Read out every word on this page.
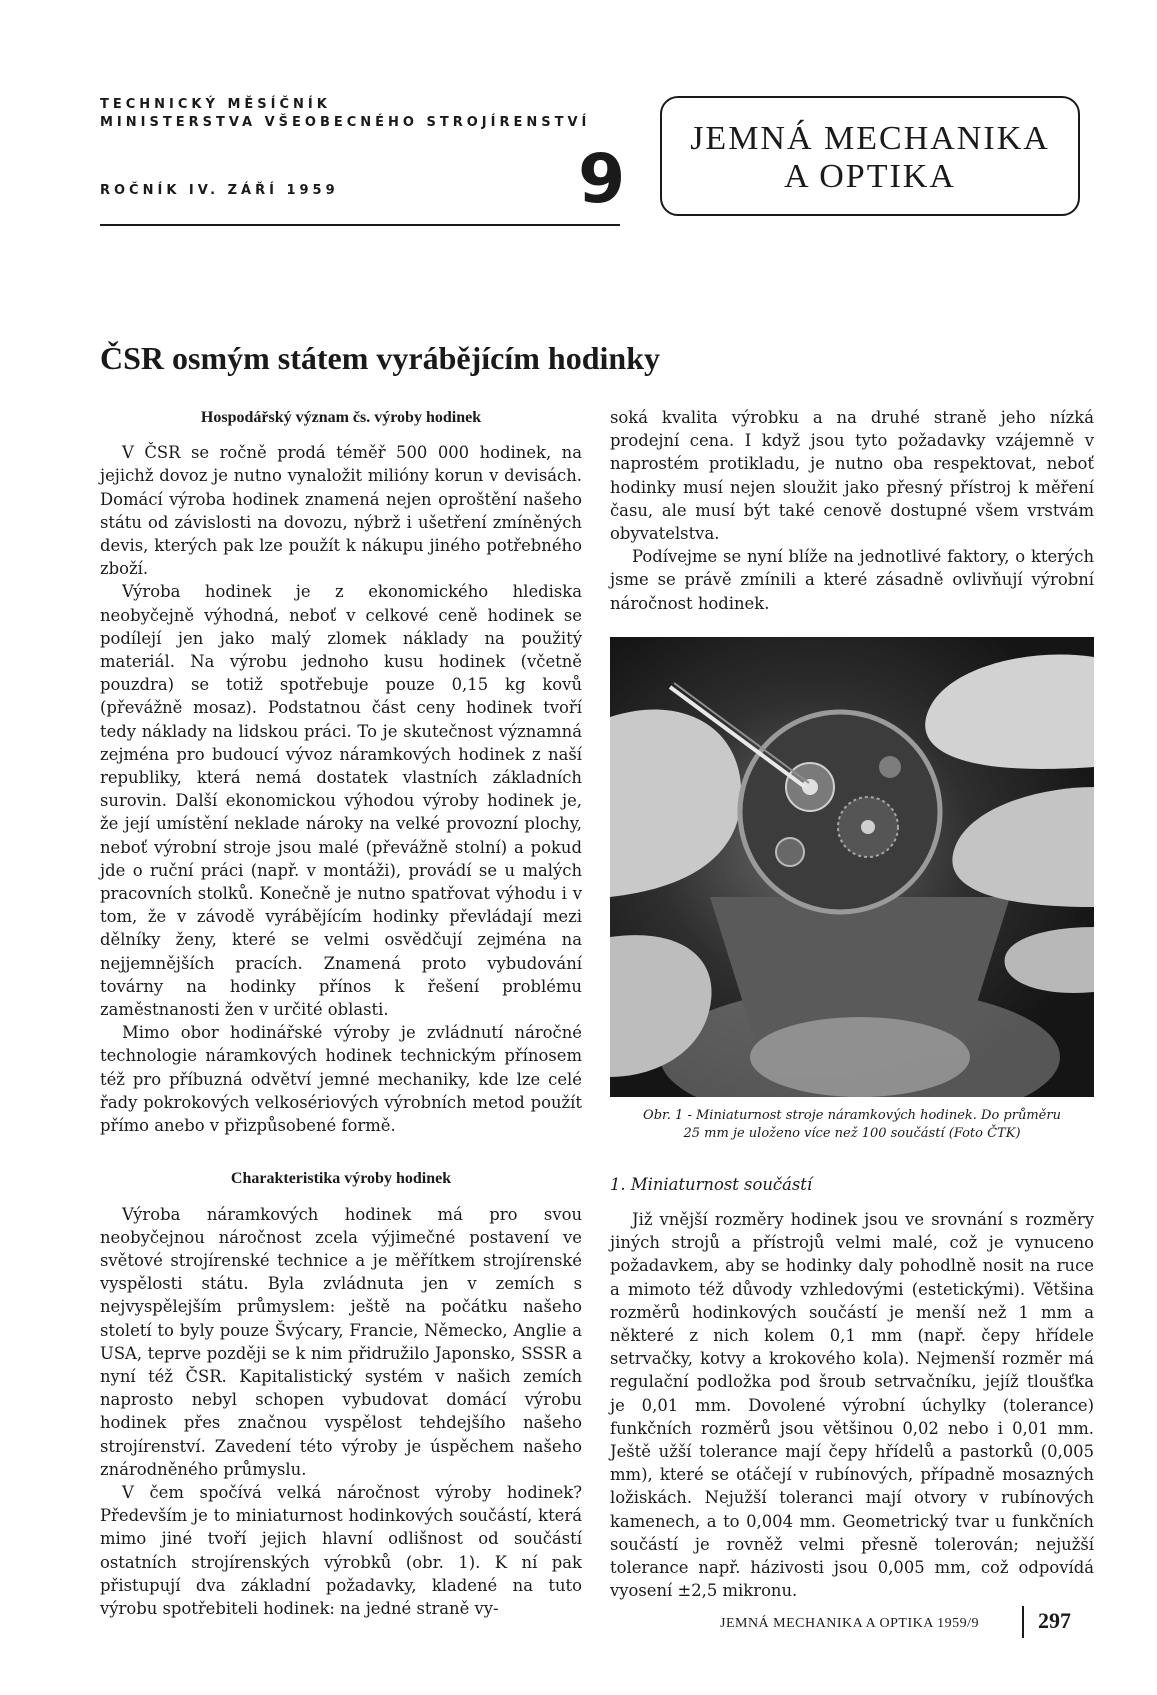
TECHNICKÝ MĚSÍČNÍK
MINISTERSTVA VŠEOBECNÉHO STROJÍRENSTVÍ
ROČNÍK IV. ZÁŘÍ 1959	9
JEMNÁ MECHANIKA
A OPTIKA
ČSR osmým státem vyrábějícím hodinky
Hospodářský význam čs. výroby hodinek

V ČSR se ročně prodá téměř 500 000 hodinek, na jejichž dovoz je nutno vynaložit milióny korun v devisách. Domácí výroba hodinek znamená nejen oproštění našeho státu od závislosti na dovozu, nýbrž i ušetření zmíněných devis, kterých pak lze použít k nákupu jiného potřebného zboží.

Výroba hodinek je z ekonomického hlediska neobyčejně výhodná, neboť v celkové ceně hodinek se podílejí jen jako malý zlomek náklady na použitý materiál. Na výrobu jednoho kusu hodinek (včetně pouzdra) se totiž spotřebuje pouze 0,15 kg kovů (převážně mosaz). Podstatnou část ceny hodinek tvoří tedy náklady na lidskou práci. To je skutečnost významná zejména pro budoucí vývoz náramkových hodinek z naší republiky, která nemá dostatek vlastních základních surovin. Další ekonomickou výhodou výroby hodinek je, že její umístění neklade nároky na velké provozní plochy, neboť výrobní stroje jsou malé (převážně stolní) a pokud jde o ruční práci (např. v montáži), provádí se u malých pracovních stolků. Konečně je nutno spatřovat výhodu i v tom, že v závodě vyrábějícím hodinky převládají mezi dělníky ženy, které se velmi osvědčují zejména na nejjemnějších pracích. Znamená proto vybudování továrny na hodinky přínos k řešení problému zaměstnanosti žen v určité oblasti.

Mimo obor hodinářské výroby je zvládnutí náročné technologie náramkových hodinek technickým přínosem též pro příbuzná odvětví jemné mechaniky, kde lze celé řady pokrokových velkosériových výrobních metod použít přímo anebo v přizpůsobené formě.

Charakteristika výroby hodinek

Výroba náramkových hodinek má pro svou neobyčejnou náročnost zcela výjimečné postavení ve světové strojírenské technice a je měřítkem strojírenské vyspělosti státu. Byla zvládnuta jen v zemích s nejvyspělejším průmyslem: ještě na počátku našeho století to byly pouze Švýcary, Francie, Německo, Anglie a USA, teprve později se k nim přidružilo Japonsko, SSSR a nyní též ČSR. Kapitalistický systém v našich zemích naprosto nebyl schopen vybudovat domácí výrobu hodinek přes značnou vyspělost tehdejšího našeho strojírenství. Zavedení této výroby je úspěchem našeho znárodněného průmyslu.

V čem spočívá velká náročnost výroby hodinek? Především je to miniaturnost hodinkových součástí, která mimo jiné tvoří jejich hlavní odlišnost od součástí ostatních strojírenských výrobků (obr. 1). K ní pak přistupují dva základní požadavky, kladené na tuto výrobu spotřebiteli hodinek: na jedné straně vy-

soká kvalita výrobku a na druhé straně jeho nízká prodejní cena. I když jsou tyto požadavky vzájemně v naprostém protikladu, je nutno oba respektovat, neboť hodinky musí nejen sloužit jako přesný přístroj k měření času, ale musí být také cenově dostupné všem vrstvám obyvatelstva.

Podívejme se nyní blíže na jednotlivé faktory, o kterých jsme se právě zmínili a které zásadně ovlivňují výrobní náročnost hodinek.

Obr. 1 - Miniaturnost stroje náramkových hodinek. Do průměru
25 mm je uloženo více než 100 součástí (Foto ČTK)
1. Miniaturnost součástí

Již vnější rozměry hodinek jsou ve srovnání s rozměry jiných strojů a přístrojů velmi malé, což je vynuceno požadavkem, aby se hodinky daly pohodlně nosit na ruce a mimoto též důvody vzhledovými (estetickými). Většina rozměrů hodinkových součástí je menší než 1 mm a některé z nich kolem 0,1 mm (např. čepy hřídele setrvačky, kotvy a krokového kola). Nejmenší rozměr má regulační podložka pod šroub setrvačníku, jejíž tloušťka je 0,01 mm. Dovolené výrobní úchylky (tolerance) funkčních rozměrů jsou většinou 0,02 nebo i 0,01 mm. Ještě užší tolerance mají čepy hřídelů a pastorků (0,005 mm), které se otáčejí v rubínových, případně mosazných ložiskách. Nejužší toleranci mají otvory v rubínových kamenech, a to 0,004 mm. Geometrický tvar u funkčních součástí je rovněž velmi přesně tolerován; nejužší tolerance např. házivosti jsou 0,005 mm, což odpovídá vyosení ±2,5 mikronu.

JEMNÁ MECHANIKA A OPTIKA 1959/9	297
